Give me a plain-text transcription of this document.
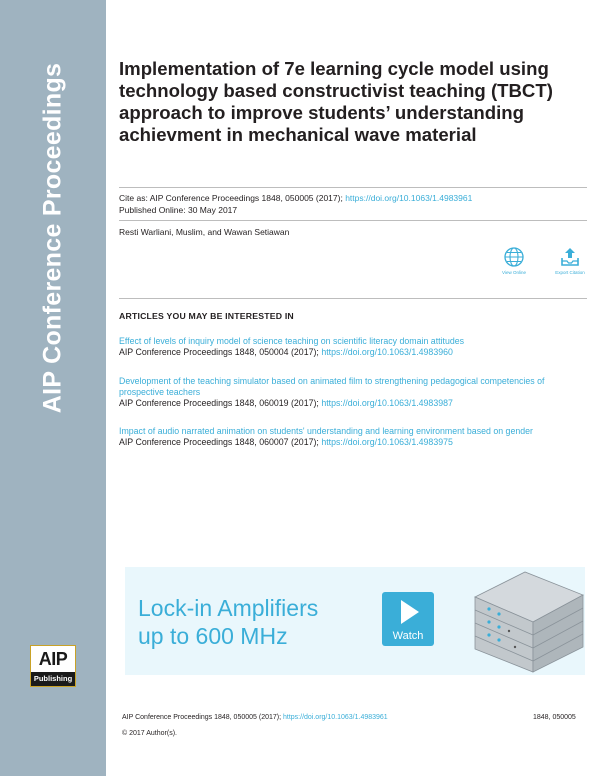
AIP Conference Proceedings
AIP
Publishing
Implementation of 7e learning cycle model using technology based constructivist teaching (TBCT) approach to improve students’ understanding achievment in mechanical wave material
Cite as: AIP Conference Proceedings 1848, 050005 (2017); https://doi.org/10.1063/1.4983961
Published Online: 30 May 2017
Resti Warliani, Muslim, and Wawan Setiawan
View Online	Export Citation
ARTICLES YOU MAY BE INTERESTED IN
Effect of levels of inquiry model of science teaching on scientific literacy domain attitudes
AIP Conference Proceedings 1848, 050004 (2017); https://doi.org/10.1063/1.4983960
Development of the teaching simulator based on animated film to strengthening pedagogical competencies of prospective teachers
AIP Conference Proceedings 1848, 060019 (2017); https://doi.org/10.1063/1.4983987
Impact of audio narrated animation on students' understanding and learning environment based on gender
AIP Conference Proceedings 1848, 060007 (2017); https://doi.org/10.1063/1.4983975
Lock-in Amplifiers
up to 600 MHz	Watch
AIP Conference Proceedings 1848, 050005 (2017); https://doi.org/10.1063/1.4983961	1848, 050005
© 2017 Author(s).
